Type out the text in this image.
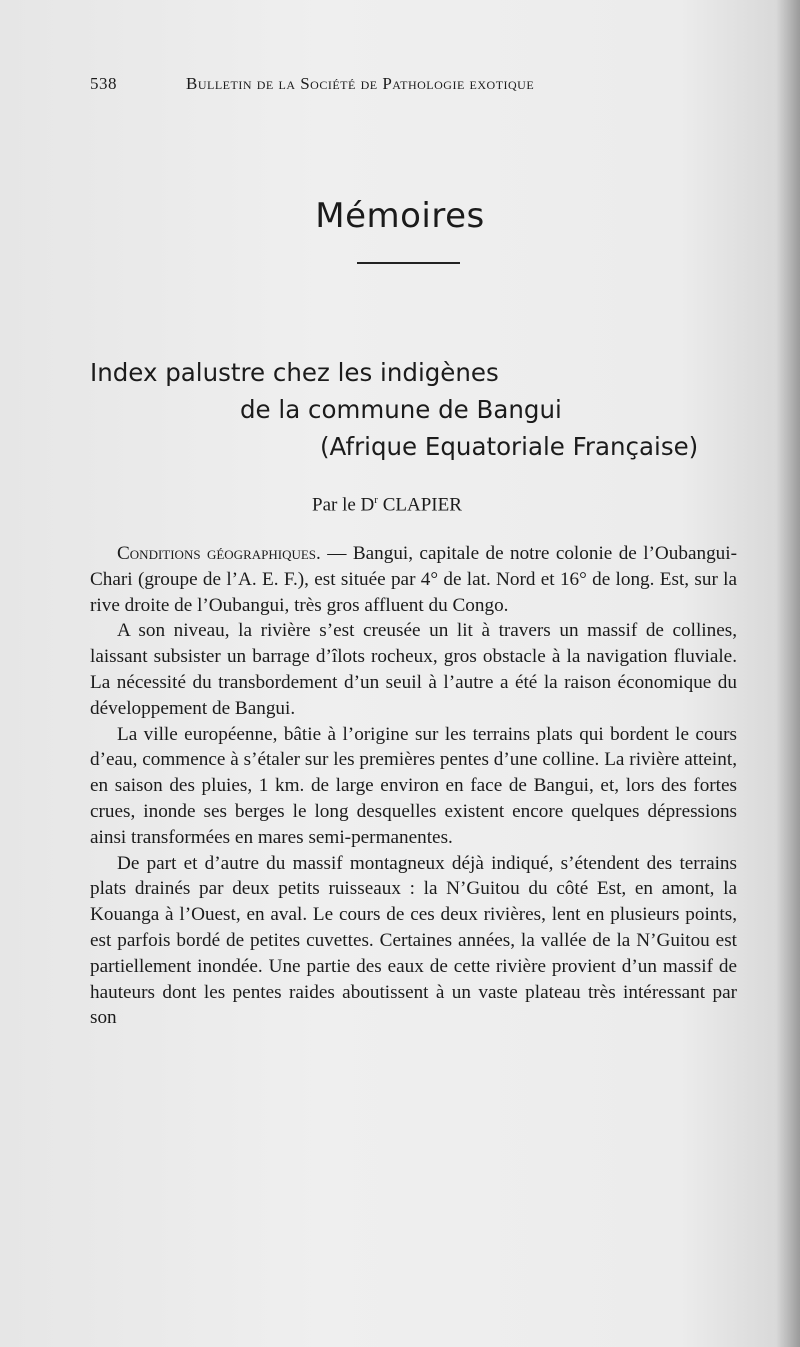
538	Bulletin de la Société de Pathologie exotique
Mémoires
Index palustre chez les indigènes
de la commune de Bangui
(Afrique Equatoriale Française)
Par le $D^r$ CLAPIER

Conditions géographiques. — Bangui, capitale de notre colonie de l’Oubangui-Chari (groupe de l’A. E. F.), est située par 4° de lat. Nord et 16° de long. Est, sur la rive droite de l’Oubangui, très gros affluent du Congo.

A son niveau, la rivière s’est creusée un lit à travers un massif de collines, laissant subsister un barrage d’îlots rocheux, gros obstacle à la navigation fluviale. La nécessité du transbordement d’un seuil à l’autre a été la raison économique du développement de Bangui.

La ville européenne, bâtie à l’origine sur les terrains plats qui bordent le cours d’eau, commence à s’étaler sur les premières pentes d’une colline. La rivière atteint, en saison des pluies, 1 km. de large environ en face de Bangui, et, lors des fortes crues, inonde ses berges le long desquelles existent encore quelques dépressions ainsi transformées en mares semi-permanentes.

De part et d’autre du massif montagneux déjà indiqué, s’étendent des terrains plats drainés par deux petits ruisseaux : la N’Guitou du côté Est, en amont, la Kouanga à l’Ouest, en aval. Le cours de ces deux rivières, lent en plusieurs points, est parfois bordé de petites cuvettes. Certaines années, la vallée de la N’Guitou est partiellement inondée. Une partie des eaux de cette rivière provient d’un massif de hauteurs dont les pentes raides aboutissent à un vaste plateau très intéressant par son
